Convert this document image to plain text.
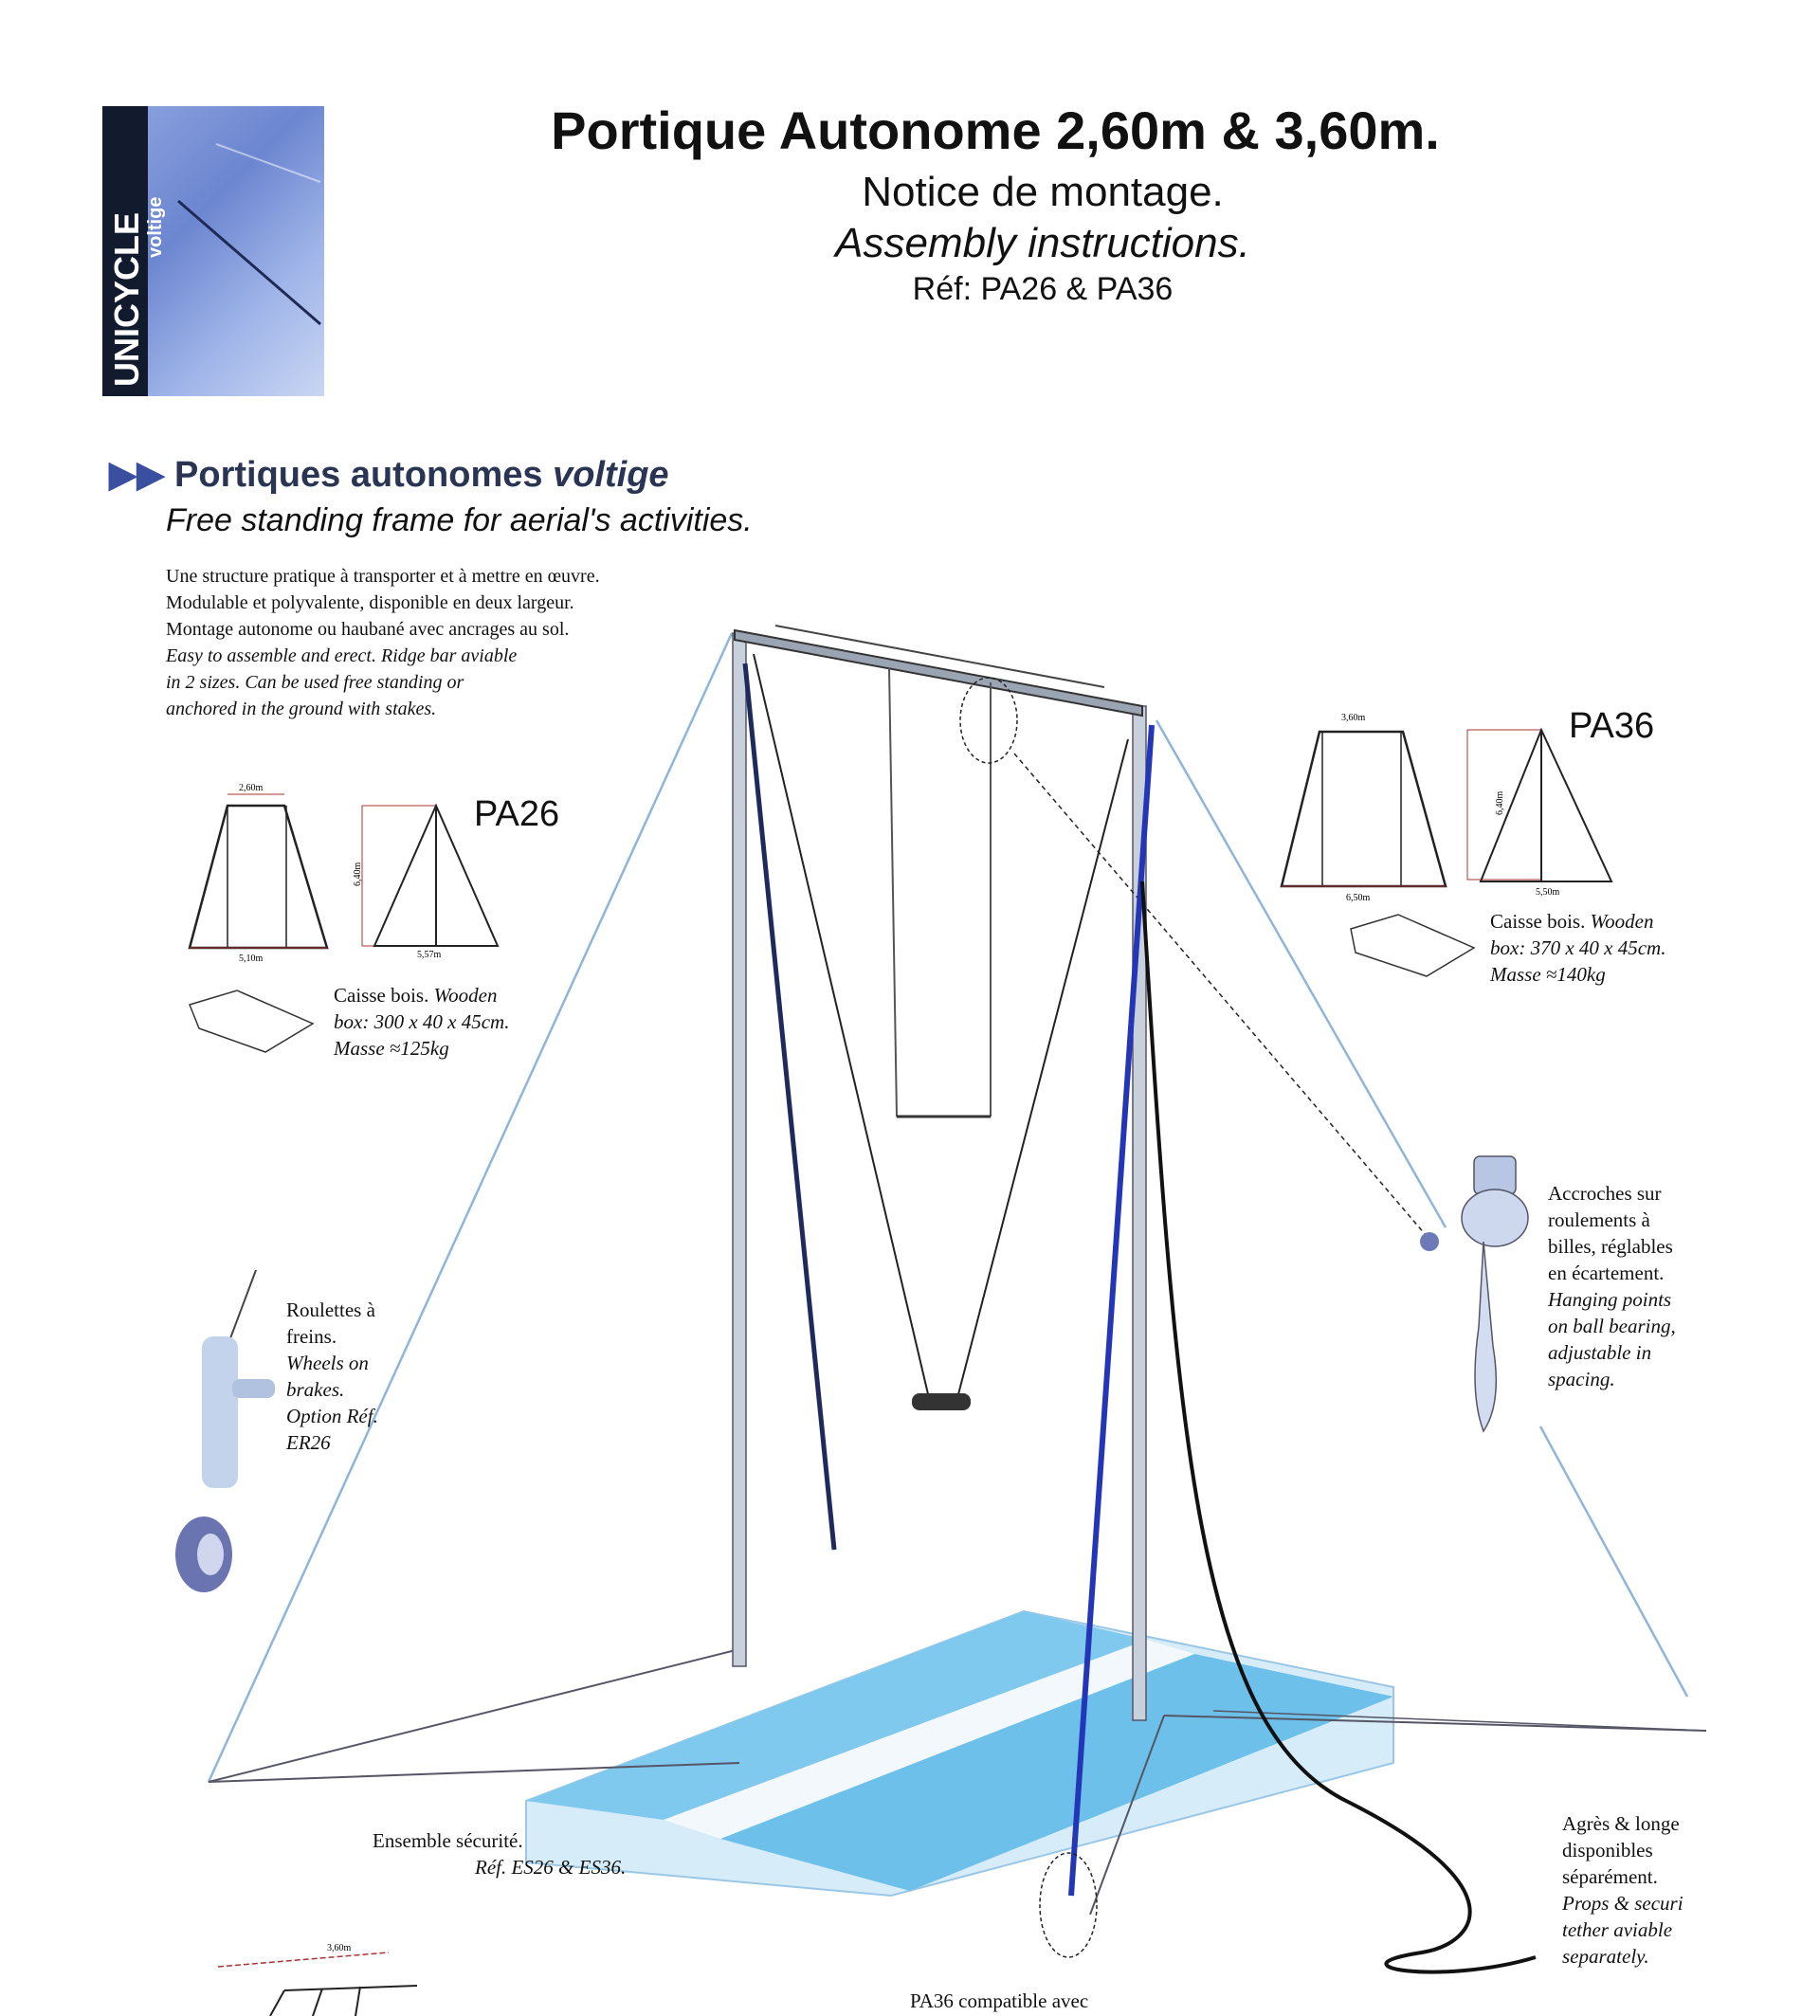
UNICYCLE voltige
Portique Autonome 2,60m & 3,60m.
Notice de montage.
Assembly instructions.
Réf: PA26 & PA36
▶▶ Portiques autonomes voltige
Free standing frame for aerial's activities.
Une structure pratique à transporter et à mettre en œuvre.
Modulable et polyvalente, disponible en deux largeur.
Montage autonome ou haubané avec ancrages au sol.
Easy to assemble and erect. Ridge bar aviable
in 2 sizes. Can be used free standing or
anchored in the ground with stakes.
2,60m
5,10m
6,40m
5,57m
3,60m
6,50m
6,40m
5,50m
3,60m
PA26
Caisse bois. Wooden
box: 300 x 40 x 45cm.
Masse ≈125kg
PA36
Caisse bois. Wooden
box: 370 x 40 x 45cm.
Masse ≈140kg
Roulettes à
freins.
Wheels on
brakes.
Option Réf.
ER26
Accroches sur
roulements à
billes, réglables
en écartement.
Hanging points
on ball bearing,
adjustable in
spacing.
Ensemble sécurité.
Réf. ES26 & ES36.
Agrès & longe
disponibles
séparément.
Props & securi
tether aviable
separately.
PA36 compatible avec
